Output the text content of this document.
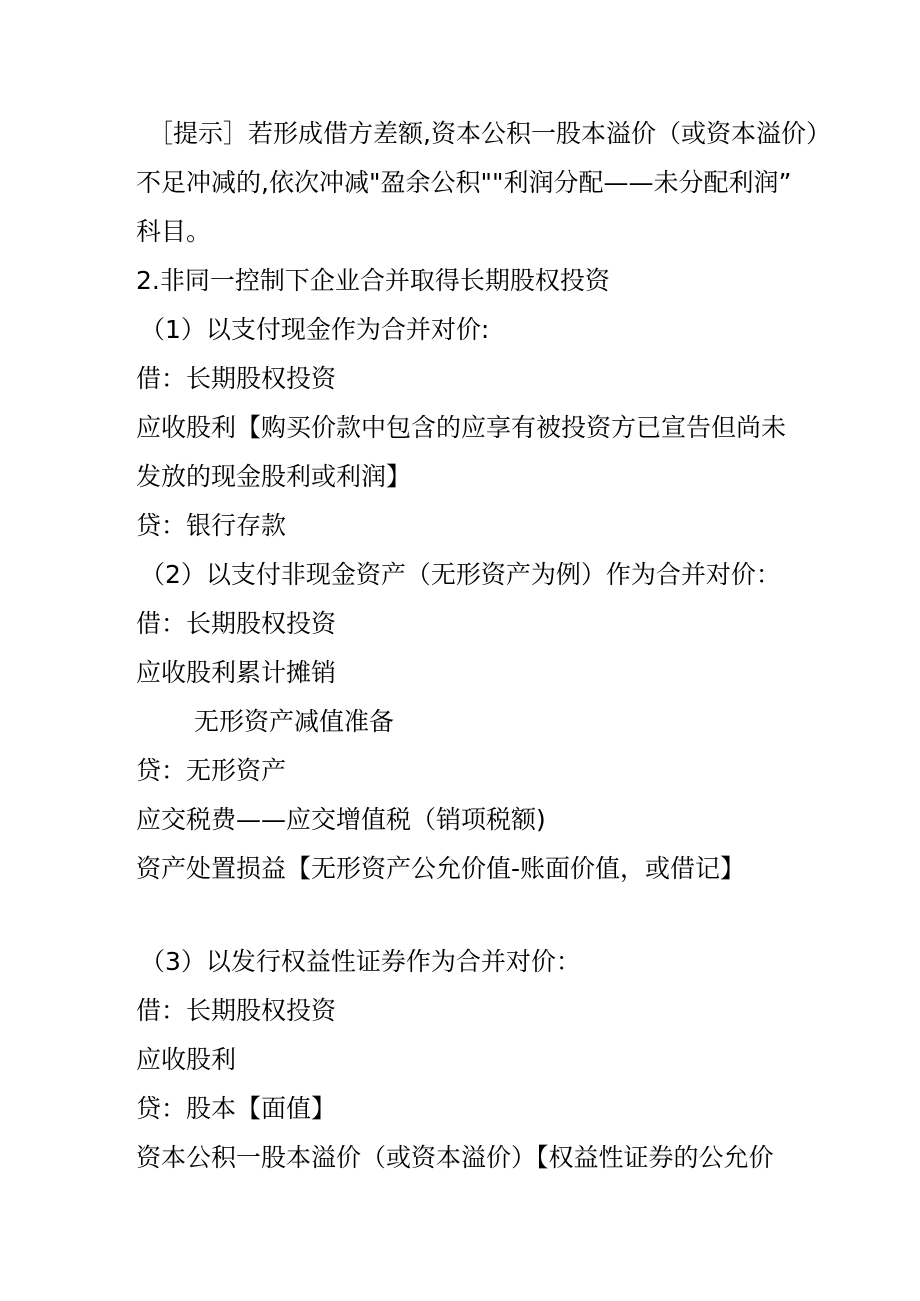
［提示］若形成借方差额,资本公积一股本溢价（或资本溢价）
不足冲减的,依次冲减"盈余公积""利润分配——未分配利润”
科目。
2.非同一控制下企业合并取得长期股权投资
（1）以支付现金作为合并对价:
借：长期股权投资
应收股利【购买价款中包含的应享有被投资方已宣告但尚未
发放的现金股利或利润】
贷：银行存款
（2）以支付非现金资产（无形资产为例）作为合并对价：
借：长期股权投资
应收股利累计摊销
无形资产减值准备
贷：无形资产
应交税费——应交增值税（销项税额)
资产处置损益【无形资产公允价值-账面价值，或借记】
（3）以发行权益性证券作为合并对价：
借：长期股权投资
应收股利
贷：股本【面值】
资本公积一股本溢价（或资本溢价）【权益性证券的公允价
